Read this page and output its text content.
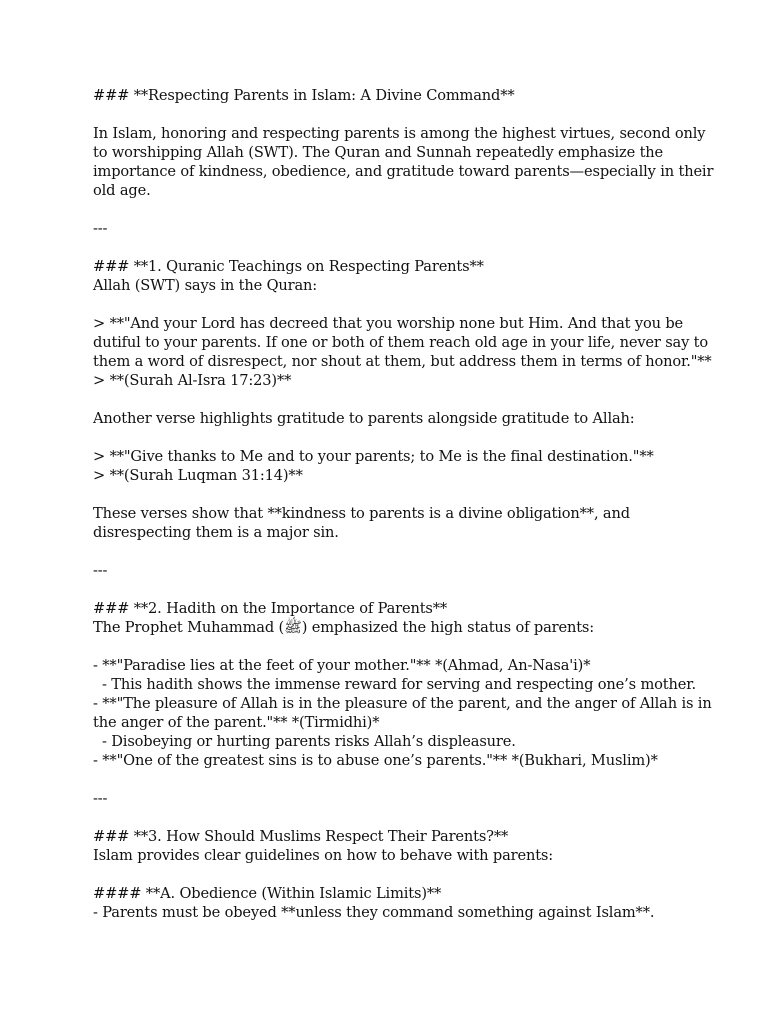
### **Respecting Parents in Islam: A Divine Command**
In Islam, honoring and respecting parents is among the highest virtues, second only
to worshipping Allah (SWT). The Quran and Sunnah repeatedly emphasize the
importance of kindness, obedience, and gratitude toward parents—especially in their
old age.
---
### **1. Quranic Teachings on Respecting Parents**
Allah (SWT) says in the Quran:
> **"And your Lord has decreed that you worship none but Him. And that you be
dutiful to your parents. If one or both of them reach old age in your life, never say to
them a word of disrespect, nor shout at them, but address them in terms of honor."**
> **(Surah Al-Isra 17:23)**
Another verse highlights gratitude to parents alongside gratitude to Allah:
> **"Give thanks to Me and to your parents; to Me is the final destination."**
> **(Surah Luqman 31:14)**
These verses show that **kindness to parents is a divine obligation**, and
disrespecting them is a major sin.
---
### **2. Hadith on the Importance of Parents**
The Prophet Muhammad (ﷺ) emphasized the high status of parents:
- **"Paradise lies at the feet of your mother."** *(Ahmad, An-Nasa'i)*
- This hadith shows the immense reward for serving and respecting one’s mother.
- **"The pleasure of Allah is in the pleasure of the parent, and the anger of Allah is in
the anger of the parent."** *(Tirmidhi)*
- Disobeying or hurting parents risks Allah’s displeasure.
- **"One of the greatest sins is to abuse one’s parents."** *(Bukhari, Muslim)*
---
### **3. How Should Muslims Respect Their Parents?**
Islam provides clear guidelines on how to behave with parents:
#### **A. Obedience (Within Islamic Limits)**
- Parents must be obeyed **unless they command something against Islam**.
